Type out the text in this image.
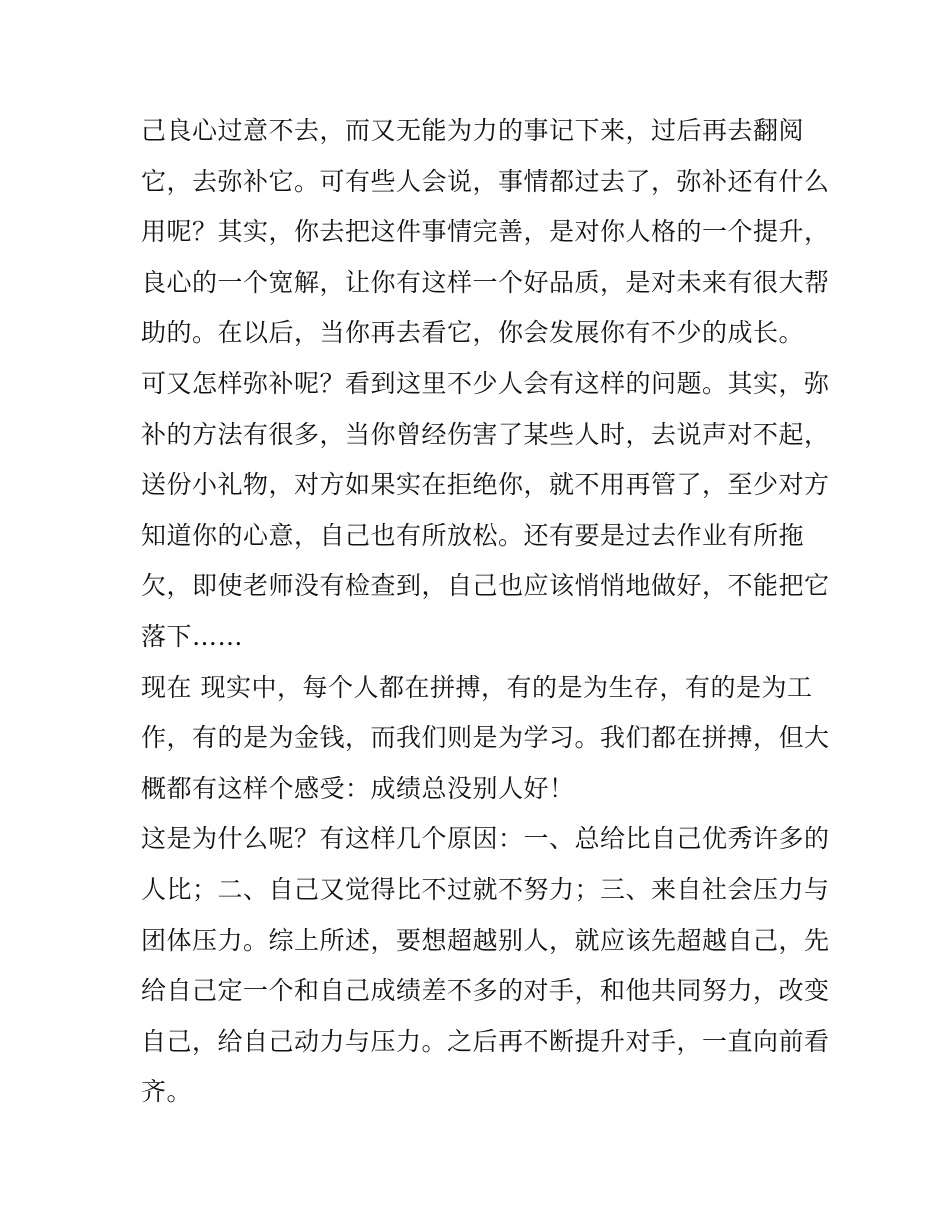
己良心过意不去，而又无能为力的事记下来，过后再去翻阅
它，去弥补它。可有些人会说，事情都过去了，弥补还有什么
用呢？其实，你去把这件事情完善，是对你人格的一个提升，
良心的一个宽解，让你有这样一个好品质，是对未来有很大帮
助的。在以后，当你再去看它，你会发展你有不少的成长。
可又怎样弥补呢？看到这里不少人会有这样的问题。其实，弥
补的方法有很多，当你曾经伤害了某些人时，去说声对不起，
送份小礼物，对方如果实在拒绝你，就不用再管了，至少对方
知道你的心意，自己也有所放松。还有要是过去作业有所拖
欠，即使老师没有检查到，自己也应该悄悄地做好，不能把它
落下……
现在 现实中，每个人都在拼搏，有的是为生存，有的是为工
作，有的是为金钱，而我们则是为学习。我们都在拼搏，但大
概都有这样个感受：成绩总没别人好！
这是为什么呢？有这样几个原因：一、总给比自己优秀许多的
人比；二、自己又觉得比不过就不努力；三、来自社会压力与
团体压力。综上所述，要想超越别人，就应该先超越自己，先
给自己定一个和自己成绩差不多的对手，和他共同努力，改变
自己，给自己动力与压力。之后再不断提升对手，一直向前看
齐。
